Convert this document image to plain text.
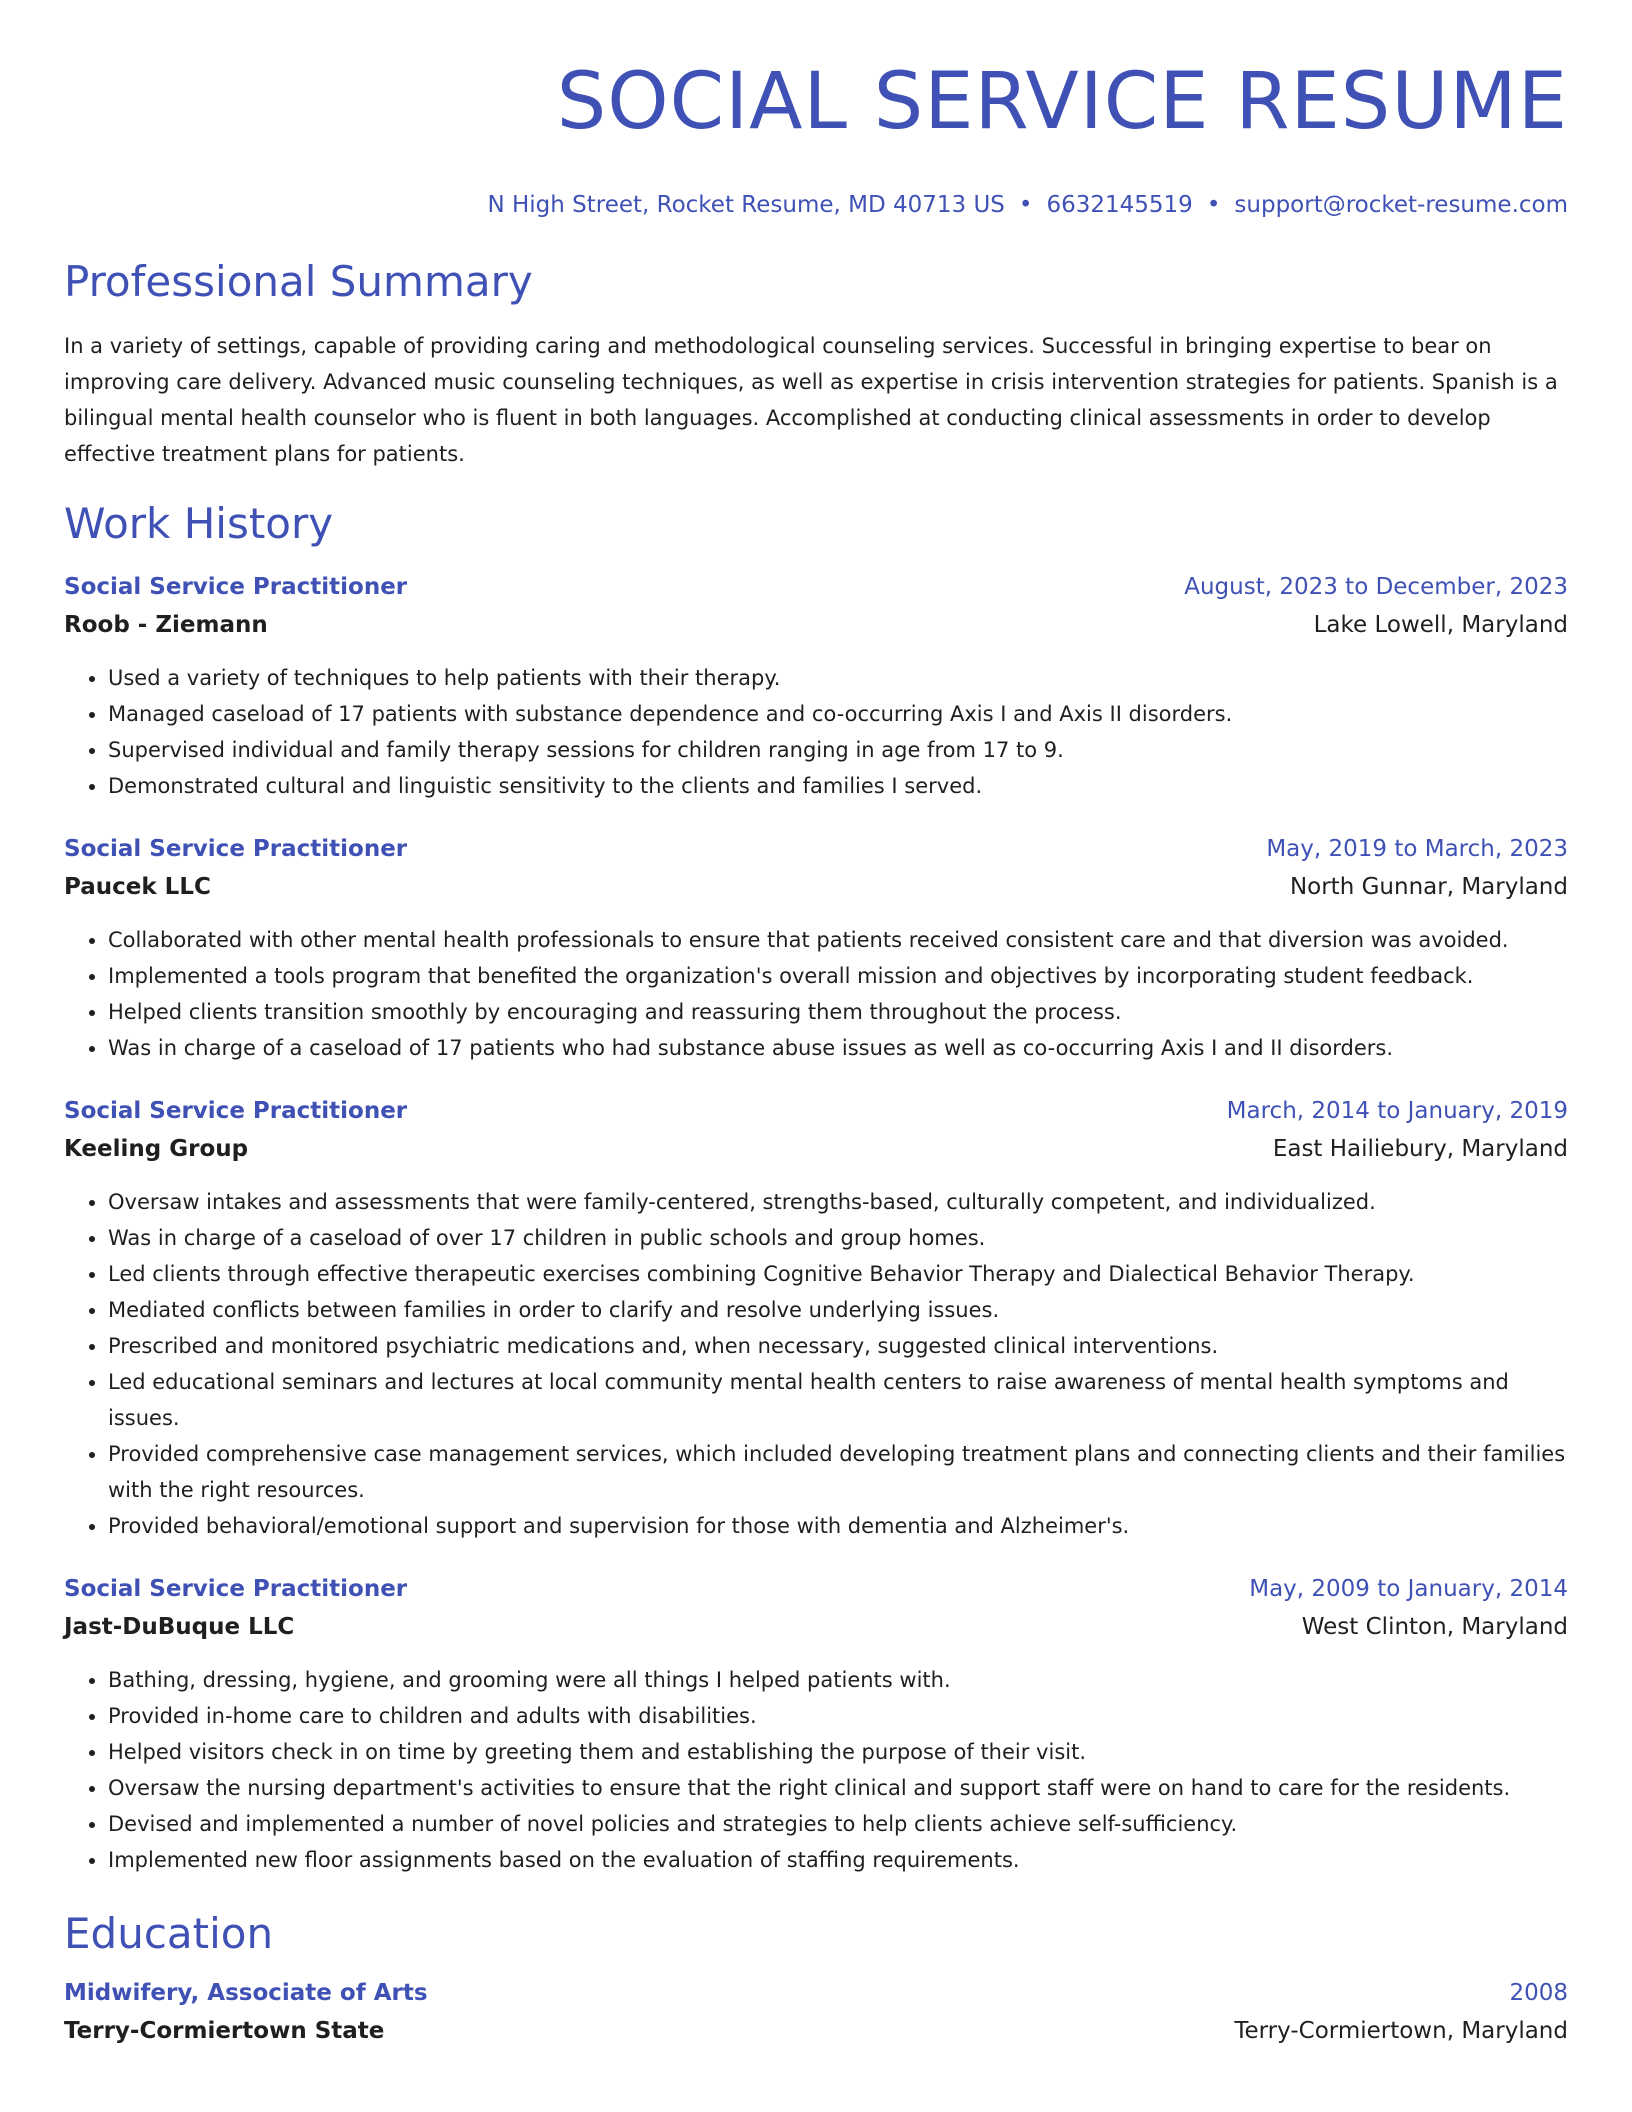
SOCIAL SERVICE RESUME
N High Street, Rocket Resume, MD 40713 US • 6632145519 • support@rocket-resume.com
Professional Summary
In a variety of settings, capable of providing caring and methodological counseling services. Successful in bringing expertise to bear on improving care delivery. Advanced music counseling techniques, as well as expertise in crisis intervention strategies for patients. Spanish is a bilingual mental health counselor who is fluent in both languages. Accomplished at conducting clinical assessments in order to develop effective treatment plans for patients.
Work History
Social Service Practitioner	August, 2023 to December, 2023
Roob - Ziemann	Lake Lowell, Maryland
• Used a variety of techniques to help patients with their therapy.
• Managed caseload of 17 patients with substance dependence and co-occurring Axis I and Axis II disorders.
• Supervised individual and family therapy sessions for children ranging in age from 17 to 9.
• Demonstrated cultural and linguistic sensitivity to the clients and families I served.
Social Service Practitioner	May, 2019 to March, 2023
Paucek LLC	North Gunnar, Maryland
• Collaborated with other mental health professionals to ensure that patients received consistent care and that diversion was avoided.
• Implemented a tools program that benefited the organization's overall mission and objectives by incorporating student feedback.
• Helped clients transition smoothly by encouraging and reassuring them throughout the process.
• Was in charge of a caseload of 17 patients who had substance abuse issues as well as co-occurring Axis I and II disorders.
Social Service Practitioner	March, 2014 to January, 2019
Keeling Group	East Hailiebury, Maryland
• Oversaw intakes and assessments that were family-centered, strengths-based, culturally competent, and individualized.
• Was in charge of a caseload of over 17 children in public schools and group homes.
• Led clients through effective therapeutic exercises combining Cognitive Behavior Therapy and Dialectical Behavior Therapy.
• Mediated conflicts between families in order to clarify and resolve underlying issues.
• Prescribed and monitored psychiatric medications and, when necessary, suggested clinical interventions.
• Led educational seminars and lectures at local community mental health centers to raise awareness of mental health symptoms and issues.
• Provided comprehensive case management services, which included developing treatment plans and connecting clients and their families with the right resources.
• Provided behavioral/emotional support and supervision for those with dementia and Alzheimer's.
Social Service Practitioner	May, 2009 to January, 2014
Jast-DuBuque LLC	West Clinton, Maryland
• Bathing, dressing, hygiene, and grooming were all things I helped patients with.
• Provided in-home care to children and adults with disabilities.
• Helped visitors check in on time by greeting them and establishing the purpose of their visit.
• Oversaw the nursing department's activities to ensure that the right clinical and support staff were on hand to care for the residents.
• Devised and implemented a number of novel policies and strategies to help clients achieve self-sufficiency.
• Implemented new floor assignments based on the evaluation of staffing requirements.
Education
Midwifery, Associate of Arts	2008
Terry-Cormiertown State	Terry-Cormiertown, Maryland
